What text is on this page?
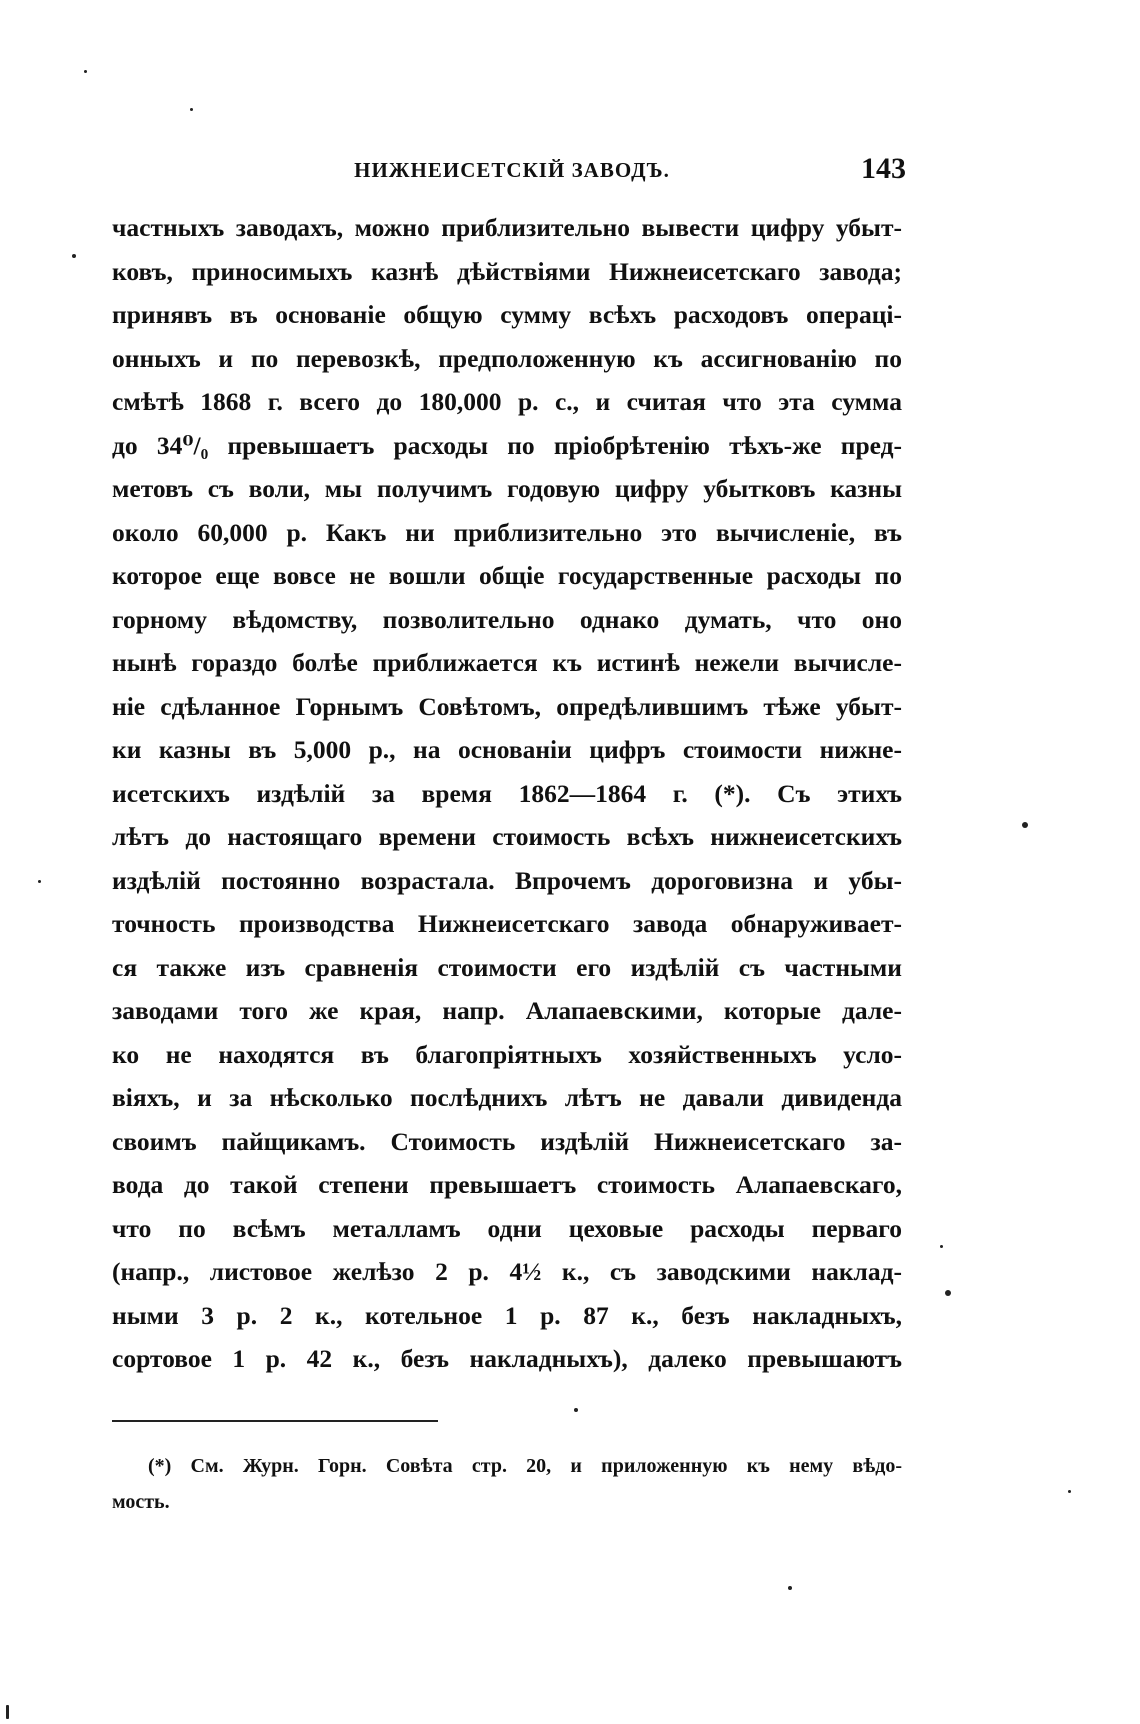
НИЖНЕИСЕТСКІЙ ЗАВОДЪ.	143
частныхъ заводахъ, можно приблизительно вывести цифру убыт-
ковъ, приносимыхъ казнѣ дѣйствіями Нижнеисетскаго завода;
принявъ въ основаніе общую сумму всѣхъ расходовъ операці-
онныхъ и по перевозкѣ, предположенную къ ассигнованію по
смѣтѣ 1868 г. всего до 180,000 р. с., и считая что эта сумма
до 34⁰/₀ превышаетъ расходы по пріобрѣтенію тѣхъ-же пред-
метовъ съ воли, мы получимъ годовую цифру убытковъ казны
около 60,000 р. Какъ ни приблизительно это вычисленіе, въ
которое еще вовсе не вошли общіе государственные расходы по
горному вѣдомству, позволительно однако думать, что оно
нынѣ гораздо болѣе приближается къ истинѣ нежели вычисле-
ніе сдѣланное Горнымъ Совѣтомъ, опредѣлившимъ тѣже убыт-
ки казны въ 5,000 р., на основаніи цифръ стоимости нижне-
исетскихъ издѣлій за время 1862—1864 г. (*). Съ этихъ
лѣтъ до настоящаго времени стоимость всѣхъ нижнеисетскихъ
издѣлій постоянно возрастала. Впрочемъ дороговизна и убы-
точность производства Нижнеисетскаго завода обнаруживает-
ся также изъ сравненія стоимости его издѣлій съ частными
заводами того же края, напр. Алапаевскими, которые дале-
ко не находятся въ благопріятныхъ хозяйственныхъ усло-
віяхъ, и за нѣсколько послѣднихъ лѣтъ не давали дивиденда
своимъ пайщикамъ. Стоимость издѣлій Нижнеисетскаго за-
вода до такой степени превышаетъ стоимость Алапаевскаго,
что по всѣмъ металламъ одни цеховые расходы перваго
(напр., листовое желѣзо 2 р. 4½ к., съ заводскими наклад-
ными 3 р. 2 к., котельное 1 р. 87 к., безъ накладныхъ,
сортовое 1 р. 42 к., безъ накладныхъ), далеко превышаютъ
(*) См. Журн. Горн. Совѣта стр. 20, и приложенную къ нему вѣдо-
мость.
